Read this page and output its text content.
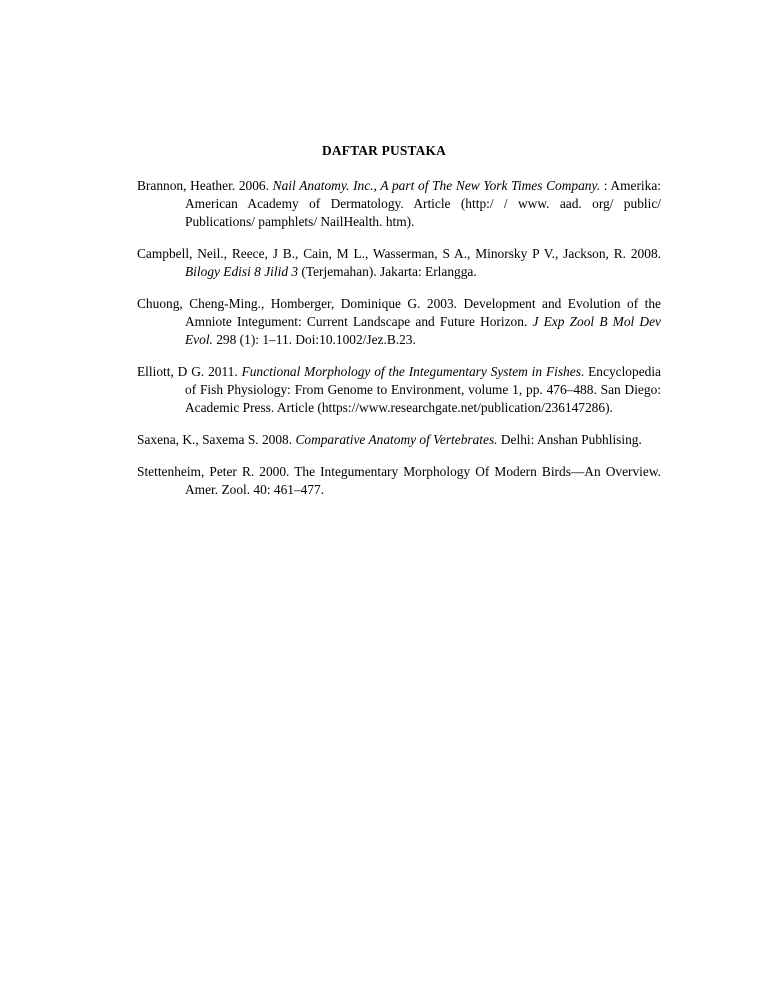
DAFTAR PUSTAKA

Brannon, Heather. 2006. Nail Anatomy. Inc., A part of The New York Times Company. : Amerika: American Academy of Dermatology. Article (http:/ / www. aad. org/ public/ Publications/ pamphlets/ NailHealth. htm).

Campbell, Neil., Reece, J B., Cain, M L., Wasserman, S A., Minorsky P V., Jackson, R. 2008. Bilogy Edisi 8 Jilid 3 (Terjemahan). Jakarta: Erlangga.

Chuong, Cheng-Ming., Homberger, Dominique G. 2003. Development and Evolution of the Amniote Integument: Current Landscape and Future Horizon. J Exp Zool B Mol Dev Evol. 298 (1): 1–11. Doi:10.1002/Jez.B.23.

Elliott, D G. 2011. Functional Morphology of the Integumentary System in Fishes. Encyclopedia of Fish Physiology: From Genome to Environment, volume 1, pp. 476–488. San Diego: Academic Press. Article (https://www.researchgate.net/publication/236147286).

Saxena, K., Saxema S. 2008. Comparative Anatomy of Vertebrates. Delhi: Anshan Pubhlising.

Stettenheim, Peter R. 2000. The Integumentary Morphology Of Modern Birds—An Overview. Amer. Zool. 40: 461–477.
